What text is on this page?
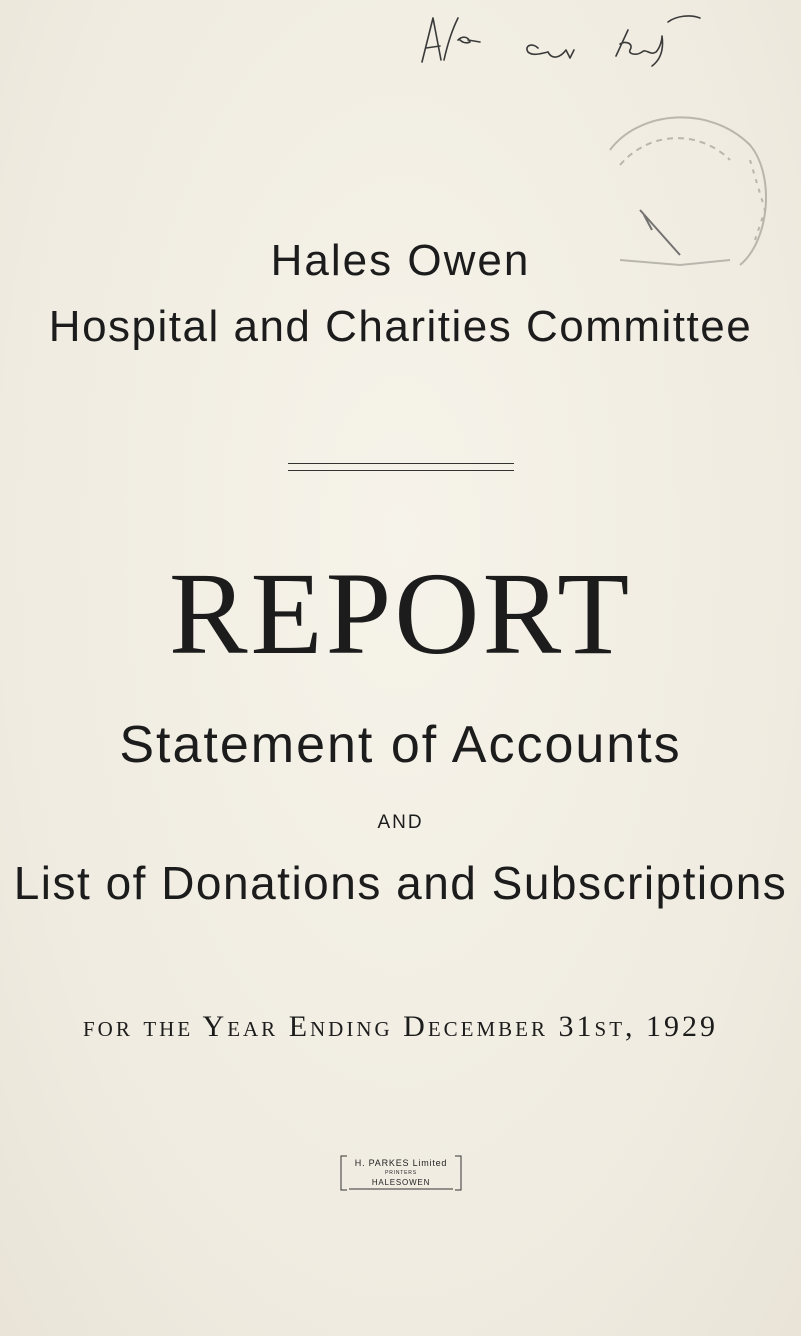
Hales Owen
Hospital and Charities Committee
REPORT
Statement of Accounts
AND
List of Donations and Subscriptions
for the Year Ending December 31st, 1929
H. PARKES Limited
PRINTERS
HALESOWEN
